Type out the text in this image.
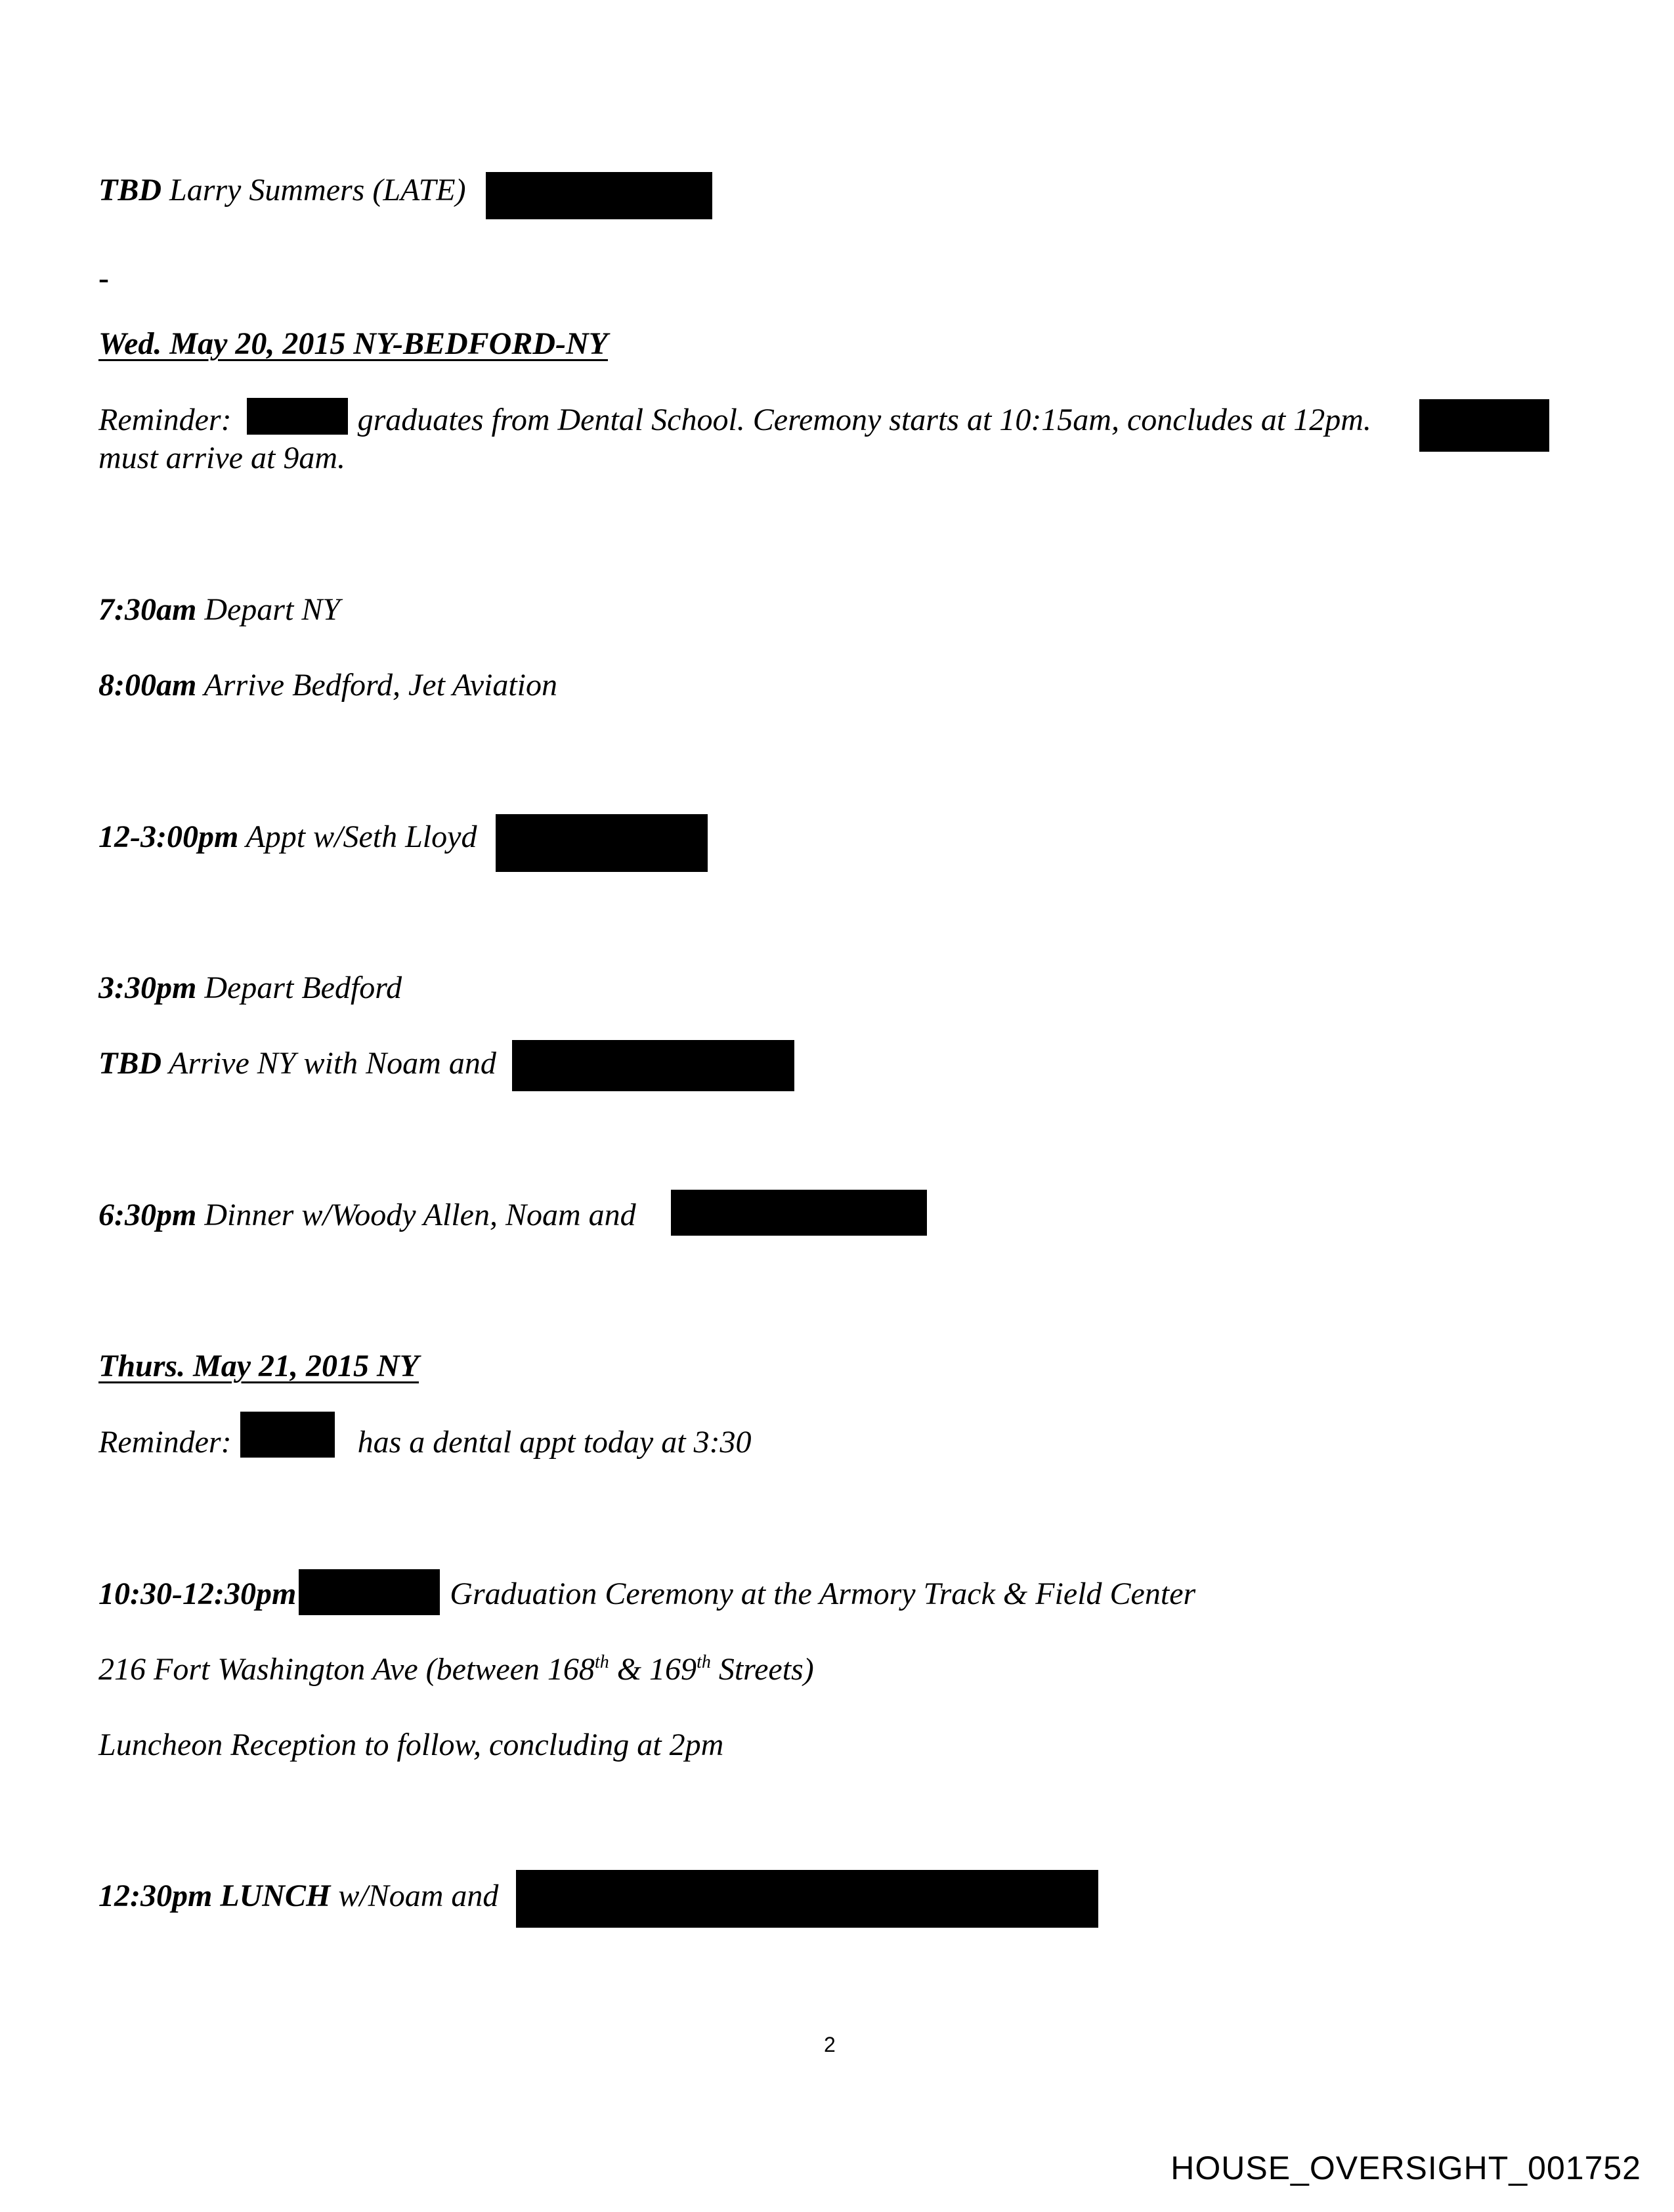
TBD Larry Summers (LATE)
-
Wed. May 20, 2015 NY-BEDFORD-NY
Reminder:	graduates from Dental School. Ceremony starts at 10:15am, concludes at 12pm.
must arrive at 9am.
7:30am Depart NY
8:00am Arrive Bedford, Jet Aviation
12-3:00pm Appt w/Seth Lloyd
3:30pm Depart Bedford
TBD Arrive NY with Noam and
6:30pm Dinner w/Woody Allen, Noam and
Thurs. May 21, 2015 NY
Reminder:	has a dental appt today at 3:30
10:30-12:30pm	Graduation Ceremony at the Armory Track & Field Center
216 Fort Washington Ave (between 168th & 169th Streets)
Luncheon Reception to follow, concluding at 2pm
12:30pm LUNCH w/Noam and
2
HOUSE_OVERSIGHT_001752
